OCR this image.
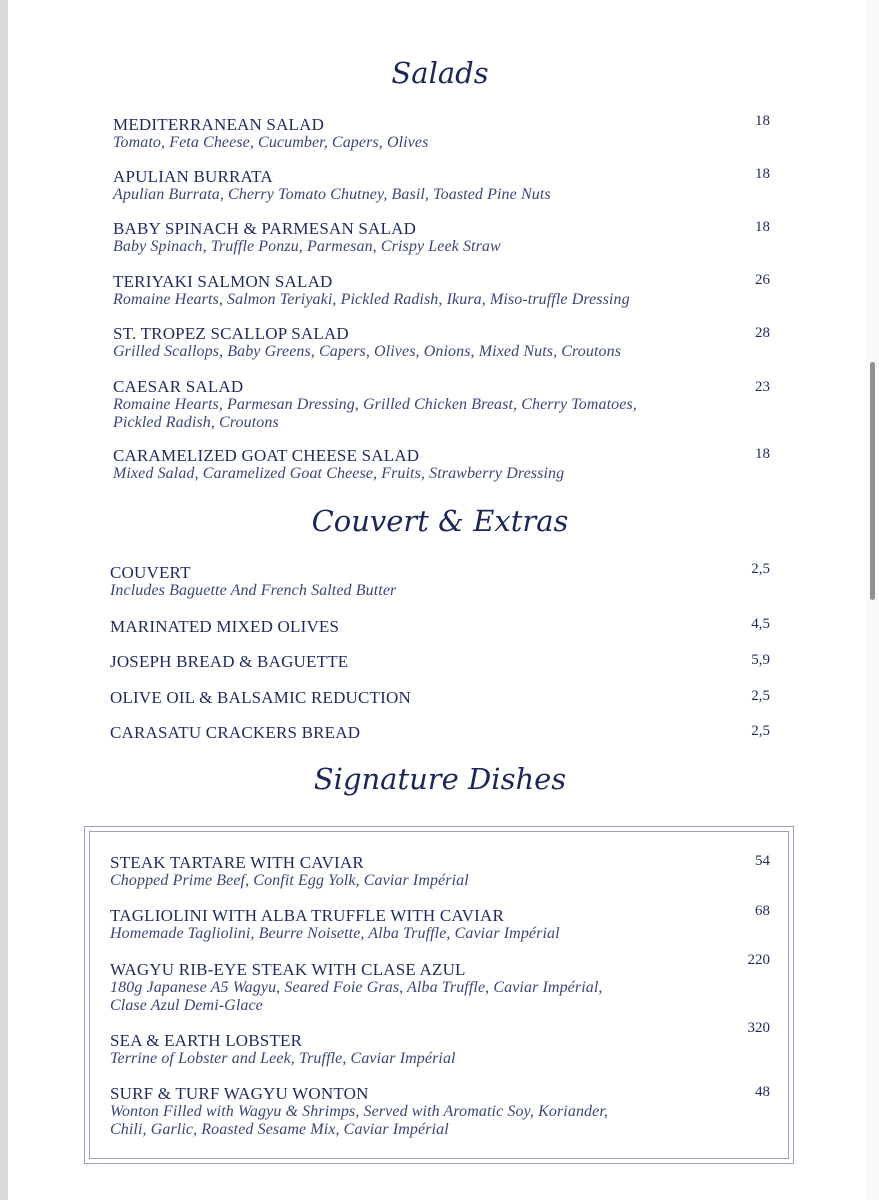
Salads
MEDITERRANEAN SALAD
Tomato, Feta Cheese, Cucumber, Capers, Olives
18
APULIAN BURRATA
Apulian Burrata, Cherry Tomato Chutney, Basil, Toasted Pine Nuts
18
BABY SPINACH & PARMESAN SALAD
Baby Spinach, Truffle Ponzu, Parmesan, Crispy Leek Straw
18
TERIYAKI SALMON SALAD
Romaine Hearts, Salmon Teriyaki, Pickled Radish, Ikura, Miso-truffle Dressing
26
ST. TROPEZ SCALLOP SALAD
Grilled Scallops, Baby Greens, Capers, Olives, Onions, Mixed Nuts, Croutons
28
CAESAR SALAD
Romaine Hearts, Parmesan Dressing, Grilled Chicken Breast, Cherry Tomatoes,
Pickled Radish, Croutons
23
CARAMELIZED GOAT CHEESE SALAD
Mixed Salad, Caramelized Goat Cheese, Fruits, Strawberry Dressing
18
Couvert & Extras
COUVERT
Includes Baguette And French Salted Butter
2,5
MARINATED MIXED OLIVES	4,5
JOSEPH BREAD & BAGUETTE	5,9
OLIVE OIL & BALSAMIC REDUCTION	2,5
CARASATU CRACKERS BREAD	2,5
Signature Dishes
STEAK TARTARE WITH CAVIAR
Chopped Prime Beef, Confit Egg Yolk, Caviar Impérial
54
TAGLIOLINI WITH ALBA TRUFFLE WITH CAVIAR
Homemade Tagliolini, Beurre Noisette, Alba Truffle, Caviar Impérial
68
WAGYU RIB-EYE STEAK WITH CLASE AZUL
180g Japanese A5 Wagyu, Seared Foie Gras, Alba Truffle, Caviar Impérial,
Clase Azul Demi-Glace
220
SEA & EARTH LOBSTER
Terrine of Lobster and Leek, Truffle, Caviar Impérial
320
SURF & TURF WAGYU WONTON
Wonton Filled with Wagyu & Shrimps, Served with Aromatic Soy, Koriander,
Chili, Garlic, Roasted Sesame Mix, Caviar Impérial
48
